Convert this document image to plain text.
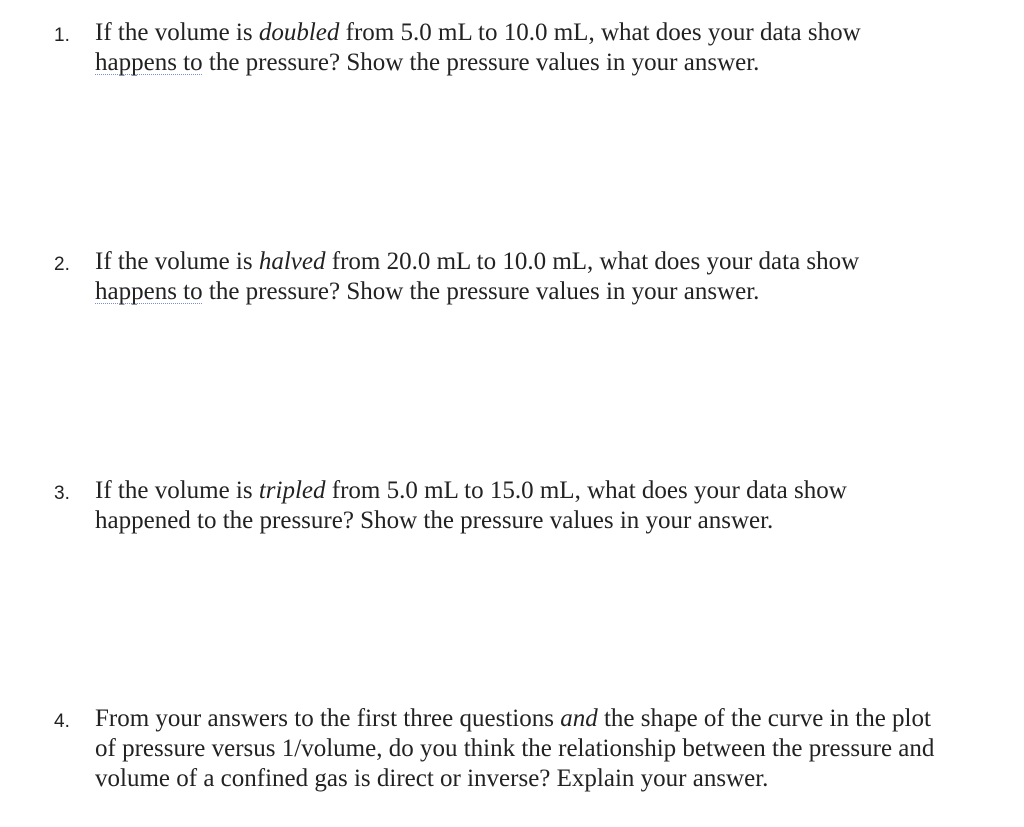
1. If the volume is doubled from 5.0 mL to 10.0 mL, what does your data show
happens to the pressure? Show the pressure values in your answer.
2. If the volume is halved from 20.0 mL to 10.0 mL, what does your data show
happens to the pressure? Show the pressure values in your answer.
3. If the volume is tripled from 5.0 mL to 15.0 mL, what does your data show
happened to the pressure? Show the pressure values in your answer.
4. From your answers to the first three questions and the shape of the curve in the plot
of pressure versus 1/volume, do you think the relationship between the pressure and
volume of a confined gas is direct or inverse? Explain your answer.
